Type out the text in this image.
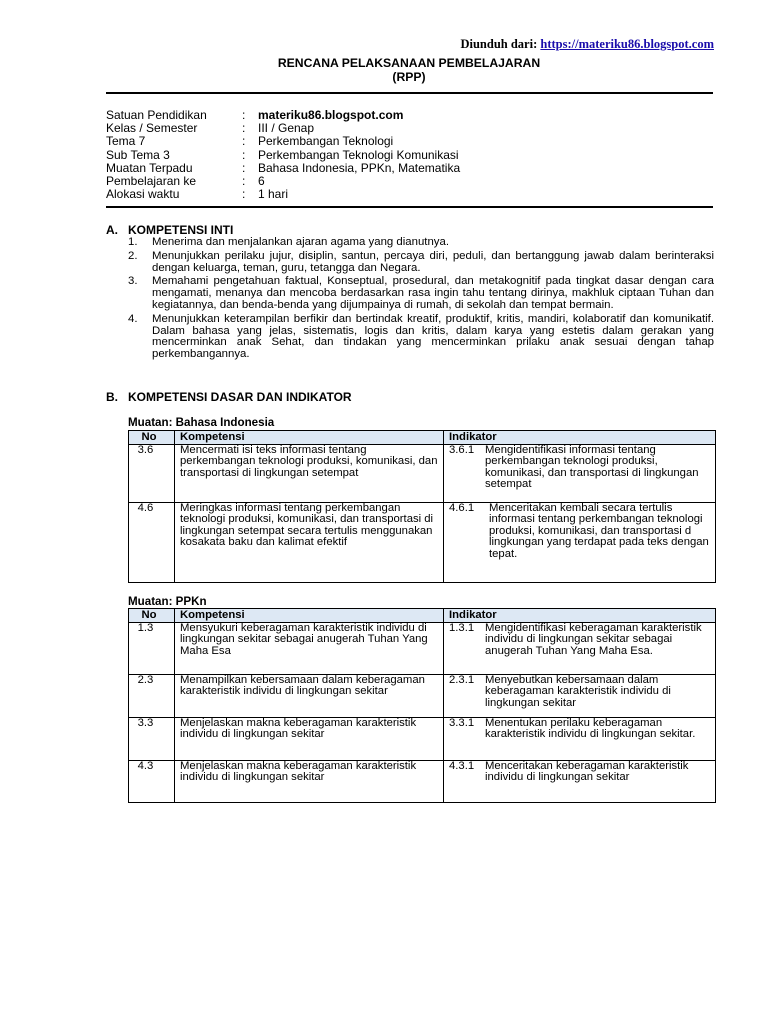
Diunduh dari: https://materiku86.blogspot.com
RENCANA PELAKSANAAN PEMBELAJARAN
(RPP)
Satuan Pendidikan	:	materiku86.blogspot.com
Kelas / Semester	:	III / Genap
Tema 7	:	Perkembangan Teknologi
Sub Tema 3	:	Perkembangan Teknologi Komunikasi
Muatan Terpadu	:	Bahasa Indonesia, PPKn, Matematika
Pembelajaran ke	:	6
Alokasi waktu	:	1 hari
A. KOMPETENSI INTI
1.	Menerima dan menjalankan ajaran agama yang dianutnya.
2.	Menunjukkan perilaku jujur, disiplin, santun, percaya diri, peduli, dan bertanggung jawab dalam berinteraksi dengan keluarga, teman, guru, tetangga dan Negara.
3.	Memahami pengetahuan faktual, Konseptual, prosedural, dan metakognitif pada tingkat dasar dengan cara mengamati, menanya dan mencoba berdasarkan rasa ingin tahu tentang dirinya, makhluk ciptaan Tuhan dan kegiatannya, dan benda-benda yang dijumpainya di rumah, di sekolah dan tempat bermain.
4.	Menunjukkan keterampilan berfikir dan bertindak kreatif, produktif, kritis, mandiri, kolaboratif dan komunikatif. Dalam bahasa yang jelas, sistematis, logis dan kritis, dalam karya yang estetis dalam gerakan yang mencerminkan anak Sehat, dan tindakan yang mencerminkan prilaku anak sesuai dengan tahap perkembangannya.
B. KOMPETENSI DASAR DAN INDIKATOR
Muatan: Bahasa Indonesia
No	Kompetensi	Indikator
3.6	Mencermati isi teks informasi tentang perkembangan teknologi produksi, komunikasi, dan transportasi di lingkungan setempat	3.6.1 Mengidentifikasi informasi tentang perkembangan teknologi produksi, komunikasi, dan transportasi di lingkungan setempat

4.6	Meringkas informasi tentang perkembangan teknologi produksi, komunikasi, dan transportasi di lingkungan setempat secara tertulis menggunakan kosakata baku dan kalimat efektif	4.6.1 Menceritakan kembali secara tertulis informasi tentang perkembangan teknologi produksi, komunikasi, dan transportasi d lingkungan yang terdapat pada teks dengan tepat.
Muatan: PPKn
No	Kompetensi	Indikator
1.3	Mensyukuri keberagaman karakteristik individu di lingkungan sekitar sebagai anugerah Tuhan Yang Maha Esa	1.3.1 Mengidentifikasi keberagaman karakteristik individu di lingkungan sekitar sebagai anugerah Tuhan Yang Maha Esa.

2.3	Menampilkan kebersamaan dalam keberagaman karakteristik individu di lingkungan sekitar	2.3.1 Menyebutkan kebersamaan dalam keberagaman karakteristik individu di lingkungan sekitar

3.3	Menjelaskan makna keberagaman karakteristik individu di lingkungan sekitar	3.3.1 Menentukan perilaku keberagaman karakteristik individu di lingkungan sekitar.

4.3	Menjelaskan makna keberagaman karakteristik individu di lingkungan sekitar	4.3.1 Menceritakan keberagaman karakteristik individu di lingkungan sekitar
